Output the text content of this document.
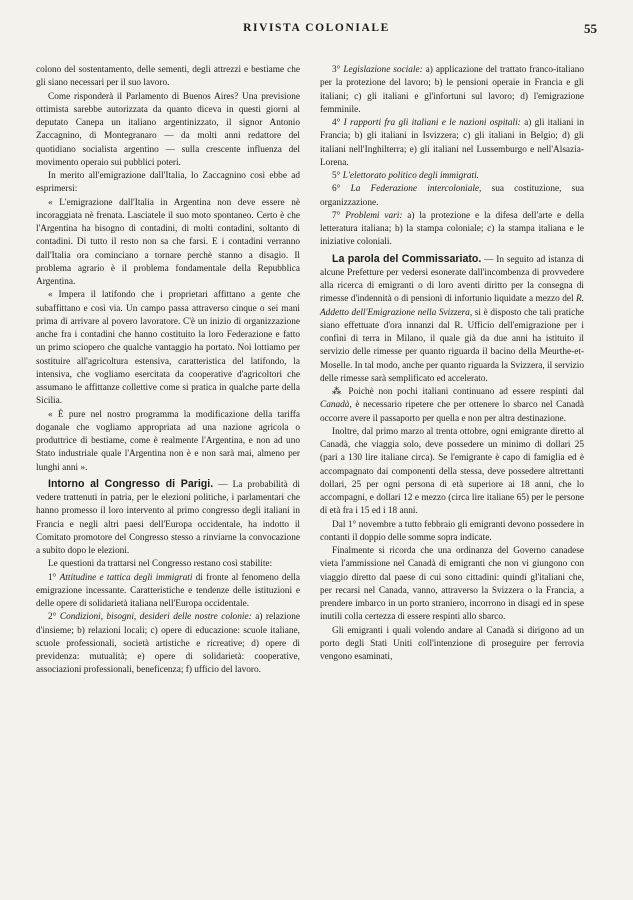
RIVISTA COLONIALE	55

colono del sostentamento, delle sementi, degli attrezzi e bestiame che gli siano necessari per il suo lavoro.

Come risponderà il Parlamento di Buenos Aires? Una previsione ottimista sarebbe autorizzata da quanto diceva in questi giorni al deputato Canepa un italiano argentinizzato, il signor Antonio Zaccagnino, di Montegranaro — da molti anni redattore del quotidiano socialista argentino — sulla crescente influenza del movimento operaio sui pubblici poteri.

In merito all'emigrazione dall'Italia, lo Zaccagnino così ebbe ad esprimersi:

« L'emigrazione dall'Italia in Argentina non deve essere nè incoraggiata nè frenata. Lasciatele il suo moto spontaneo. Certo è che l'Argentina ha bisogno di contadini, di molti contadini, soltanto di contadini. Di tutto il resto non sa che farsi. E i contadini verranno dall'Italia ora cominciano a tornare perchè stanno a disagio. Il problema agrario è il problema fondamentale della Repubblica Argentina.

« Impera il latifondo che i proprietari affittano a gente che subaffittano e così via. Un campo passa attraverso cinque o sei mani prima di arrivare al povero lavoratore. C'è un inizio di organizzazione anche fra i contadini che hanno costituito la loro Federazione e fatto un primo sciopero che qualche vantaggio ha portato. Noi lottiamo per sostituire all'agricoltura estensiva, caratteristica del latifondo, la intensiva, che vogliamo esercitata da cooperative d'agricoltori che assumano le affittanze collettive come si pratica in qualche parte della Sicilia.

« È pure nel nostro programma la modificazione della tariffa doganale che vogliamo appropriata ad una nazione agricola o produttrice di bestiame, come è realmente l'Argentina, e non ad uno Stato industriale quale l'Argentina non è e non sarà mai, almeno per lunghi anni ».

Intorno al Congresso di Parigi. — La probabilità di vedere trattenuti in patria, per le elezioni politiche, i parlamentari che hanno promesso il loro intervento al primo congresso degli italiani in Francia e negli altri paesi dell'Europa occidentale, ha indotto il Comitato promotore del Congresso stesso a rinviarne la convocazione a subito dopo le elezioni.

Le questioni da trattarsi nel Congresso restano così stabilite:

1° Attitudine e tattica degli immigrati di fronte al fenomeno della emigrazione incessante. Caratteristiche e tendenze delle istituzioni e delle opere di solidarietà italiana nell'Europa occidentale.

2° Condizioni, bisogni, desideri delle nostre colonie: a) relazione d'insieme; b) relazioni locali; c) opere di educazione: scuole italiane, scuole professionali, società artistiche e ricreative; d) opere di previdenza: mutualità; e) opere di solidarietà: cooperative, associazioni professionali, beneficenza; f) ufficio del lavoro.

3° Legislazione sociale: a) applicazione del trattato franco-italiano per la protezione del lavoro; b) le pensioni operaie in Francia e gli italiani; c) gli italiani e gl'infortuni sul lavoro; d) l'emigrazione femminile.

4° I rapporti fra gli italiani e le nazioni ospitali: a) gli italiani in Francia; b) gli italiani in Isvizzera; c) gli italiani in Belgio; d) gli italiani nell'Inghilterra; e) gli italiani nel Lussemburgo e nell'Alsazia-Lorena.

5° L'elettorato politico degli immigrati.

6° La Federazione intercoloniale, sua costituzione, sua organizzazione.

7° Problemi vari: a) la protezione e la difesa dell'arte e della letteratura italiana; b) la stampa coloniale; c) la stampa italiana e le iniziative coloniali.

La parola del Commissariato. — In seguito ad istanza di alcune Prefetture per vedersi esonerate dall'incombenza di provvedere alla ricerca di emigranti o di loro aventi diritto per la consegna di rimesse d'indennità o di pensioni di infortunio liquidate a mezzo del R. Addetto dell'Emigrazione nella Svizzera, si è disposto che tali pratiche siano effettuate d'ora innanzi dal R. Ufficio dell'emigrazione per i confini di terra in Milano, il quale già da due anni ha istituito il servizio delle rimesse per quanto riguarda il bacino della Meurthe-et-Moselle. In tal modo, anche per quanto riguarda la Svizzera, il servizio delle rimesse sarà semplificato ed accelerato.

⁂ Poichè non pochi italiani continuano ad essere respinti dal Canadà, è necessario ripetere che per ottenere lo sbarco nel Canadà occorre avere il passaporto per quella e non per altra destinazione.

Inoltre, dal primo marzo al trenta ottobre, ogni emigrante diretto al Canadà, che viaggia solo, deve possedere un minimo di dollari 25 (pari a 130 lire italiane circa). Se l'emigrante è capo di famiglia ed è accompagnato dai componenti della stessa, deve possedere altrettanti dollari, 25 per ogni persona di età superiore ai 18 anni, che lo accompagni, e dollari 12 e mezzo (circa lire italiane 65) per le persone di età fra i 15 ed i 18 anni.

Dal 1° novembre a tutto febbraio gli emigranti devono possedere in contanti il doppio delle somme sopra indicate.

Finalmente si ricorda che una ordinanza del Governo canadese vieta l'ammissione nel Canadà di emigranti che non vi giungono con viaggio diretto dal paese di cui sono cittadini: quindi gl'italiani che, per recarsi nel Canada, vanno, attraverso la Svizzera o la Francia, a prendere imbarco in un porto straniero, incorrono in disagi ed in spese inutili colla certezza di essere respinti allo sbarco.

Gli emigranti i quali volendo andare al Canadà si dirigono ad un porto degli Stati Uniti coll'intenzione di proseguire per ferrovia vengono esaminati,
